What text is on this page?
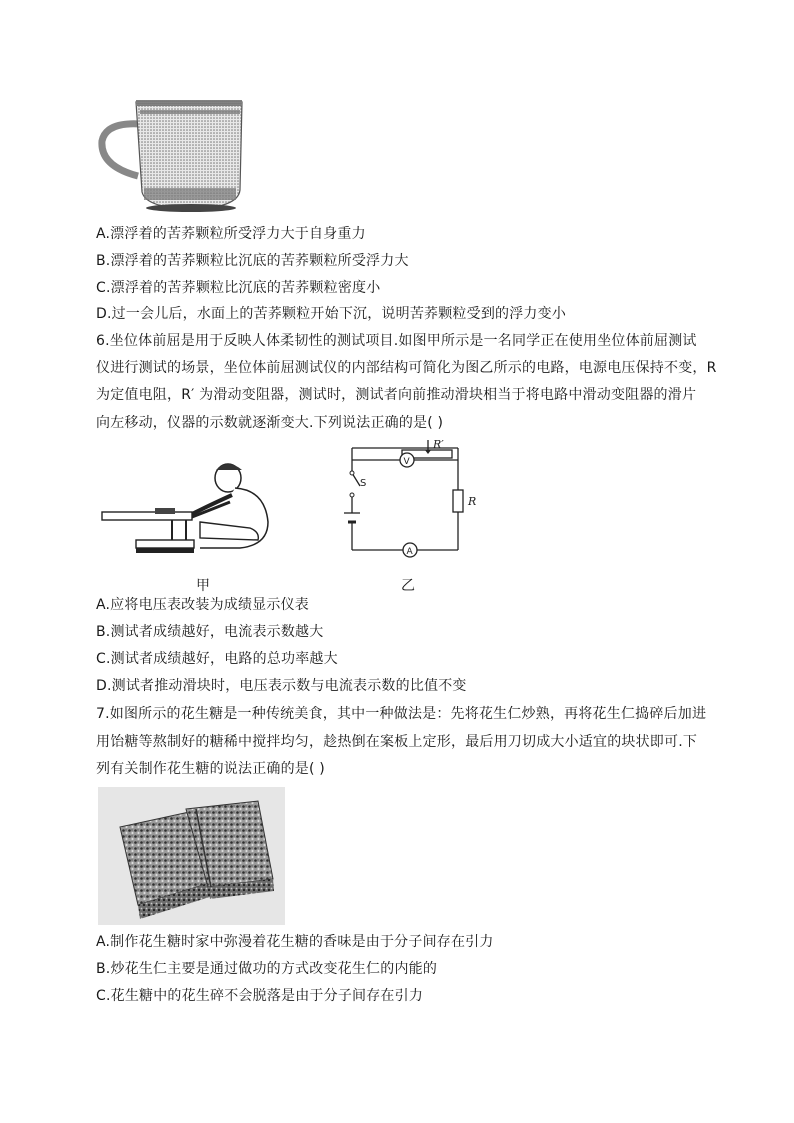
A.漂浮着的苦荞颗粒所受浮力大于自身重力
B.漂浮着的苦荞颗粒比沉底的苦荞颗粒所受浮力大
C.漂浮着的苦荞颗粒比沉底的苦荞颗粒密度小
D.过一会儿后，水面上的苦荞颗粒开始下沉，说明苦荞颗粒受到的浮力变小
6.坐位体前屈是用于反映人体柔韧性的测试项目.如图甲所示是一名同学正在使用坐位体前屈测试
仪进行测试的场景，坐位体前屈测试仪的内部结构可简化为图乙所示的电路，电源电压保持不变，R
为定值电阻，R′ 为滑动变阻器，测试时，测试者向前推动滑块相当于将电路中滑动变阻器的滑片
向左移动，仪器的示数就逐渐变大.下列说法正确的是( )
甲
R′
R
S
V
A
乙
A.应将电压表改装为成绩显示仪表
B.测试者成绩越好，电流表示数越大
C.测试者成绩越好，电路的总功率越大
D.测试者推动滑块时，电压表示数与电流表示数的比值不变
7.如图所示的花生糖是一种传统美食，其中一种做法是：先将花生仁炒熟，再将花生仁捣碎后加进
用饴糖等熬制好的糖稀中搅拌均匀，趁热倒在案板上定形，最后用刀切成大小适宜的块状即可.下
列有关制作花生糖的说法正确的是( )
A.制作花生糖时家中弥漫着花生糖的香味是由于分子间存在引力
B.炒花生仁主要是通过做功的方式改变花生仁的内能的
C.花生糖中的花生碎不会脱落是由于分子间存在引力
